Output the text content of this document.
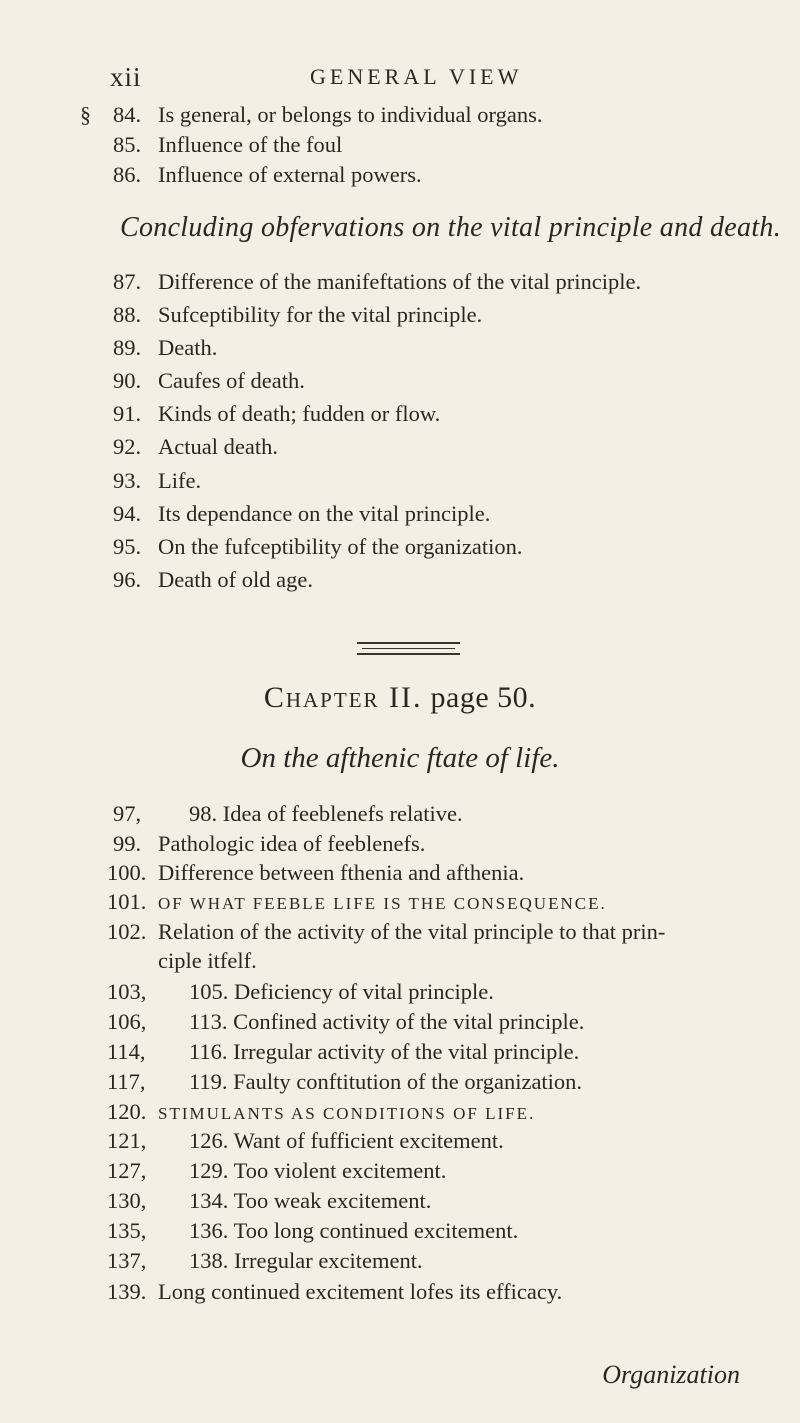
xii	GENERAL VIEW
§ 84. Is general, or belongs to individual organs.
85. Influence of the foul
86. Influence of external powers.
Concluding obfervations on the vital principle and death.
87. Difference of the manifeftations of the vital principle.
88. Sufceptibility for the vital principle.
89. Death.
90. Caufes of death.
91. Kinds of death; fudden or flow.
92. Actual death.
93. Life.
94. Its dependance on the vital principle.
95. On the fufceptibility of the organization.
96. Death of old age.
Chapter II. page 50.
On the afthenic ftate of life.
97, 98. Idea of feeblenefs relative.
99. Pathologic idea of feeblenefs.
100. Difference between fthenia and afthenia.
101. OF WHAT FEEBLE LIFE IS THE CONSEQUENCE.
102. Relation of the activity of the vital principle to that prin-
ciple itfelf.
103, 105. Deficiency of vital principle.
106, 113. Confined activity of the vital principle.
114, 116. Irregular activity of the vital principle.
117, 119. Faulty conftitution of the organization.
120. STIMULANTS AS CONDITIONS OF LIFE.
121, 126. Want of fufficient excitement.
127, 129. Too violent excitement.
130, 134. Too weak excitement.
135, 136. Too long continued excitement.
137, 138. Irregular excitement.
139. Long continued excitement lofes its efficacy.
Organization
